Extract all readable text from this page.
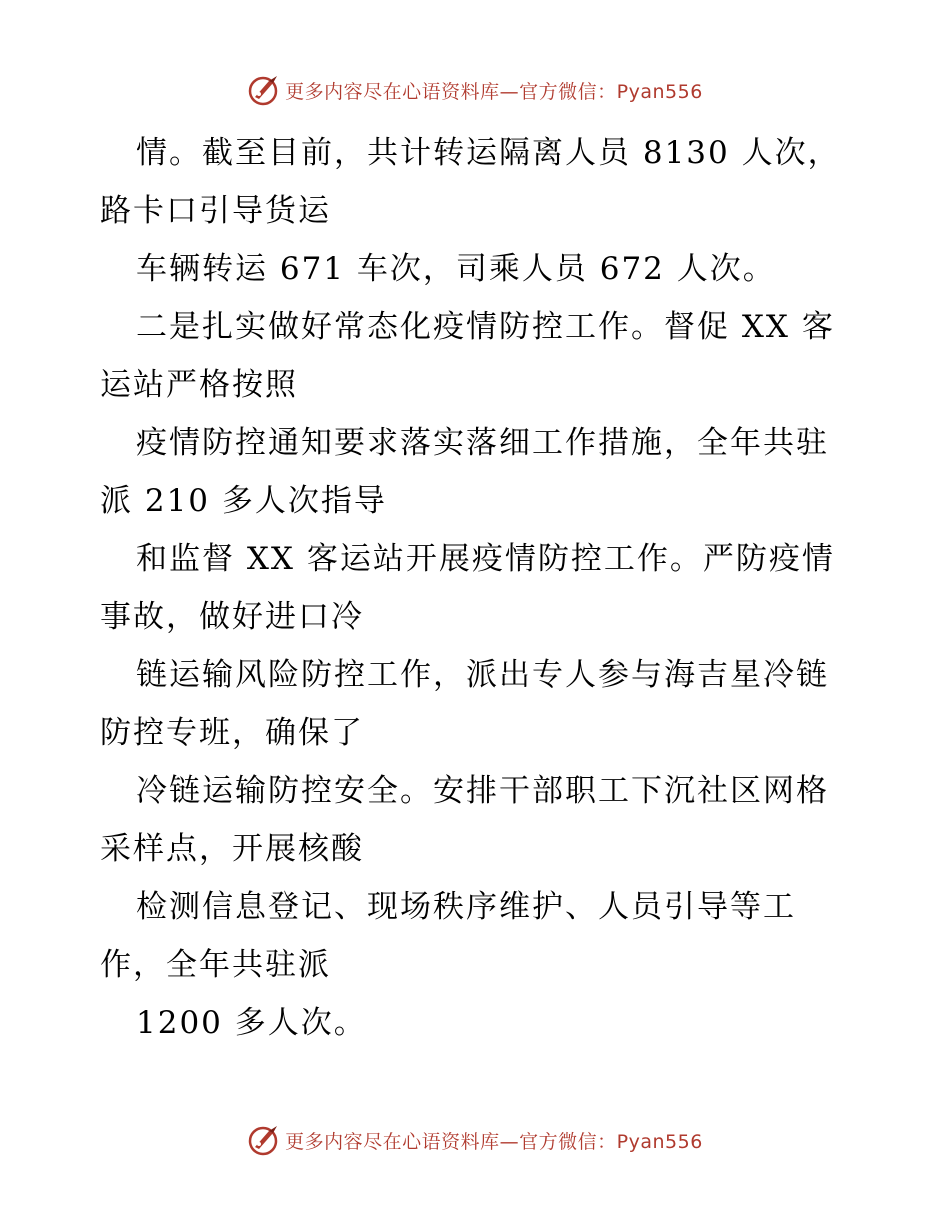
更多内容尽在心语资料库—官方微信：Pyan556
情。截至目前，共计转运隔离人员 8130 人次，
路卡口引导货运
车辆转运 671 车次，司乘人员 672 人次。
二是扎实做好常态化疫情防控工作。督促 XX 客
运站严格按照
疫情防控通知要求落实落细工作措施，全年共驻
派 210 多人次指导
和监督 XX 客运站开展疫情防控工作。严防疫情
事故，做好进口冷
链运输风险防控工作，派出专人参与海吉星冷链
防控专班，确保了
冷链运输防控安全。安排干部职工下沉社区网格
采样点，开展核酸
检测信息登记、现场秩序维护、人员引导等工
作，全年共驻派
1200 多人次。
更多内容尽在心语资料库—官方微信：Pyan556
